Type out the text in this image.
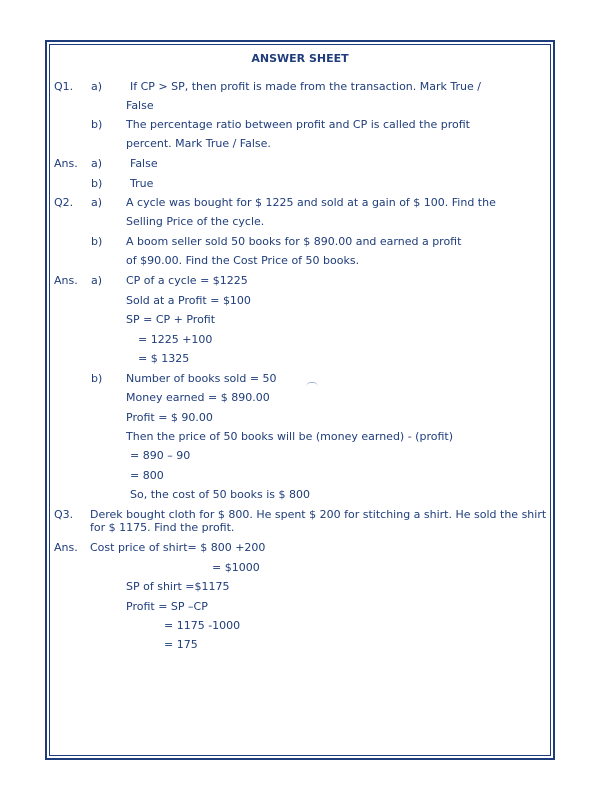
ANSWER SHEET
Q1. a)	If CP > SP, then profit is made from the transaction. Mark True /
False
b) The percentage ratio between profit and CP is called the profit
percent. Mark True / False.
Ans. a)	False
b)	True
Q2. a) A cycle was bought for $ 1225 and sold at a gain of $ 100. Find the
Selling Price of the cycle.
b) A boom seller sold 50 books for $ 890.00 and earned a profit
of $90.00. Find the Cost Price of 50 books.
Ans. a) CP of a cycle = $1225
Sold at a Profit = $100
SP = CP + Profit
= 1225 +100
= $ 1325
b) Number of books sold = 50
Money earned = $ 890.00
Profit = $ 90.00
Then the price of 50 books will be (money earned) - (profit)
= 890 – 90
= 800
So, the cost of 50 books is $ 800
Q3. Derek bought cloth for $ 800. He spent $ 200 for stitching a shirt. He sold the shirt for $ 1175. Find the profit.
Ans. Cost price of shirt= $ 800 +200
= $1000
SP of shirt =$1175
Profit = SP –CP
= 1175 -1000
= 175
